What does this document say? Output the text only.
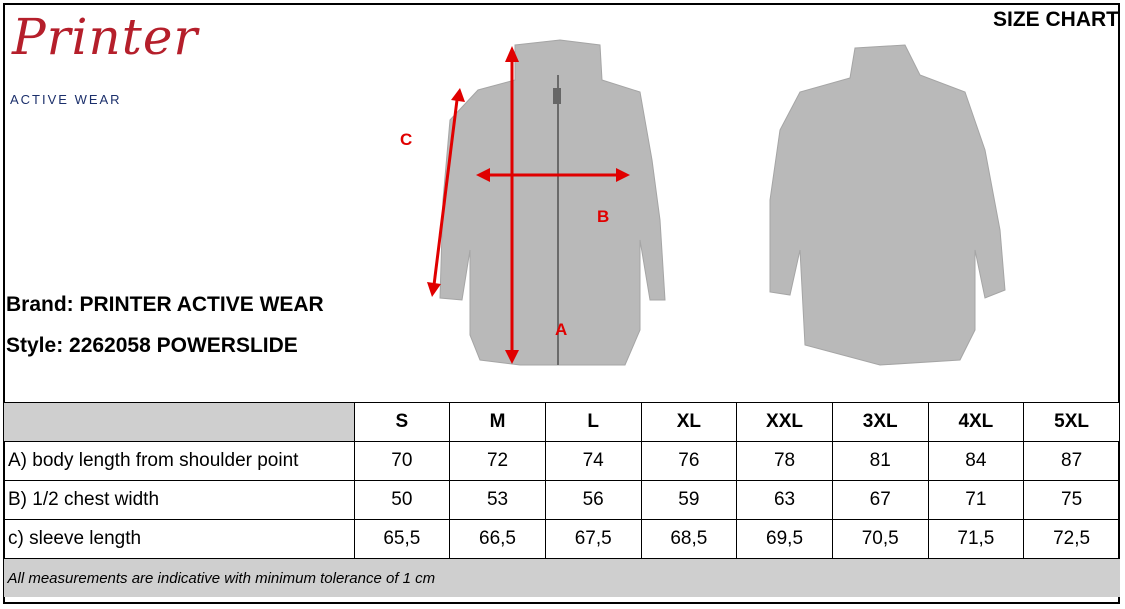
Printer
ACTIVE WEAR
SIZE CHART
C
B
A
Brand: PRINTER ACTIVE WEAR
Style: 2262058 POWERSLIDE
	S	M	L	XL	XXL	3XL	4XL	5XL
A) body length from shoulder point	70	72	74	76	78	81	84	87
B) 1/2 chest width	50	53	56	59	63	67	71	75
c) sleeve length	65,5	66,5	67,5	68,5	69,5	70,5	71,5	72,5
All measurements are indicative with minimum tolerance of 1 cm								
